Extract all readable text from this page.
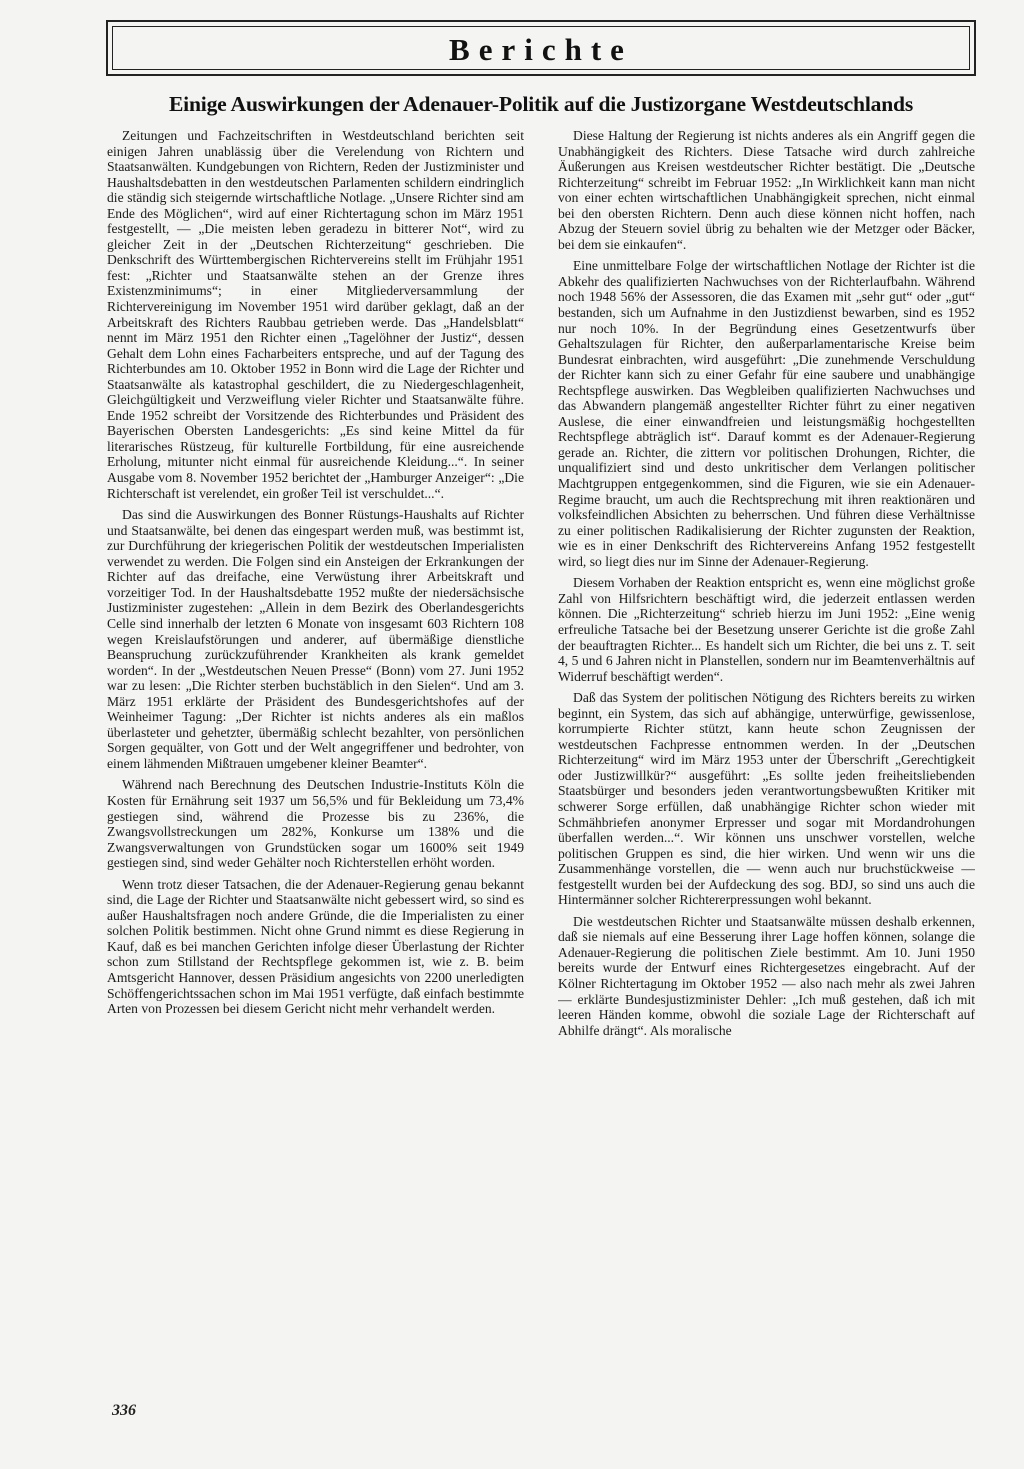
Berichte
Einige Auswirkungen der Adenauer-Politik auf die Justizorgane Westdeutschlands

Zeitungen und Fachzeitschriften in Westdeutschland berichten seit einigen Jahren unablässig über die Verelendung von Richtern und Staatsanwälten. Kundgebungen von Richtern, Reden der Justizminister und Haushaltsdebatten in den westdeutschen Parlamenten schildern eindringlich die ständig sich steigernde wirtschaftliche Notlage. „Unsere Richter sind am Ende des Möglichen“, wird auf einer Richtertagung schon im März 1951 festgestellt, — „Die meisten leben geradezu in bitterer Not“, wird zu gleicher Zeit in der „Deutschen Richterzeitung“ geschrieben. Die Denkschrift des Württembergischen Richtervereins stellt im Frühjahr 1951 fest: „Richter und Staatsanwälte stehen an der Grenze ihres Existenzminimums“; in einer Mitgliederversammlung der Richtervereinigung im November 1951 wird darüber geklagt, daß an der Arbeitskraft des Richters Raubbau getrieben werde. Das „Handelsblatt“ nennt im März 1951 den Richter einen „Tagelöhner der Justiz“, dessen Gehalt dem Lohn eines Facharbeiters entspreche, und auf der Tagung des Richterbundes am 10. Oktober 1952 in Bonn wird die Lage der Richter und Staatsanwälte als katastrophal geschildert, die zu Niedergeschlagenheit, Gleichgültigkeit und Verzweiflung vieler Richter und Staatsanwälte führe. Ende 1952 schreibt der Vorsitzende des Richterbundes und Präsident des Bayerischen Obersten Landesgerichts: „Es sind keine Mittel da für literarisches Rüstzeug, für kulturelle Fortbildung, für eine ausreichende Erholung, mitunter nicht einmal für ausreichende Kleidung...“. In seiner Ausgabe vom 8. November 1952 berichtet der „Hamburger Anzeiger“: „Die Richterschaft ist verelendet, ein großer Teil ist verschuldet...“.

Das sind die Auswirkungen des Bonner Rüstungs-Haushalts auf Richter und Staatsanwälte, bei denen das eingespart werden muß, was bestimmt ist, zur Durchführung der kriegerischen Politik der westdeutschen Imperialisten verwendet zu werden. Die Folgen sind ein Ansteigen der Erkrankungen der Richter auf das dreifache, eine Verwüstung ihrer Arbeitskraft und vorzeitiger Tod. In der Haushaltsdebatte 1952 mußte der niedersächsische Justizminister zugestehen: „Allein in dem Bezirk des Oberlandesgerichts Celle sind innerhalb der letzten 6 Monate von insgesamt 603 Richtern 108 wegen Kreislaufstörungen und anderer, auf übermäßige dienstliche Beanspruchung zurückzuführender Krankheiten als krank gemeldet worden“. In der „Westdeutschen Neuen Presse“ (Bonn) vom 27. Juni 1952 war zu lesen: „Die Richter sterben buchstäblich in den Sielen“. Und am 3. März 1951 erklärte der Präsident des Bundesgerichtshofes auf der Weinheimer Tagung: „Der Richter ist nichts anderes als ein maßlos überlasteter und gehetzter, übermäßig schlecht bezahlter, von persönlichen Sorgen gequälter, von Gott und der Welt angegriffener und bedrohter, von einem lähmenden Mißtrauen umgebener kleiner Beamter“.

Während nach Berechnung des Deutschen Industrie-Instituts Köln die Kosten für Ernährung seit 1937 um 56,5% und für Bekleidung um 73,4% gestiegen sind, während die Prozesse bis zu 236%, die Zwangsvollstreckungen um 282%, Konkurse um 138% und die Zwangsverwaltungen von Grundstücken sogar um 1600% seit 1949 gestiegen sind, sind weder Gehälter noch Richterstellen erhöht worden.

Wenn trotz dieser Tatsachen, die der Adenauer-Regierung genau bekannt sind, die Lage der Richter und Staatsanwälte nicht gebessert wird, so sind es außer Haushaltsfragen noch andere Gründe, die die Imperialisten zu einer solchen Politik bestimmen. Nicht ohne Grund nimmt es diese Regierung in Kauf, daß es bei manchen Gerichten infolge dieser Überlastung der Richter schon zum Stillstand der Rechtspflege gekommen ist, wie z. B. beim Amtsgericht Hannover, dessen Präsidium angesichts von 2200 unerledigten Schöffengerichtssachen schon im Mai 1951 verfügte, daß einfach bestimmte Arten von Prozessen bei diesem Gericht nicht mehr verhandelt werden.

Diese Haltung der Regierung ist nichts anderes als ein Angriff gegen die Unabhängigkeit des Richters. Diese Tatsache wird durch zahlreiche Äußerungen aus Kreisen westdeutscher Richter bestätigt. Die „Deutsche Richterzeitung“ schreibt im Februar 1952: „In Wirklichkeit kann man nicht von einer echten wirtschaftlichen Unabhängigkeit sprechen, nicht einmal bei den obersten Richtern. Denn auch diese können nicht hoffen, nach Abzug der Steuern soviel übrig zu behalten wie der Metzger oder Bäcker, bei dem sie einkaufen“.

Eine unmittelbare Folge der wirtschaftlichen Notlage der Richter ist die Abkehr des qualifizierten Nachwuchses von der Richterlaufbahn. Während noch 1948 56% der Assessoren, die das Examen mit „sehr gut“ oder „gut“ bestanden, sich um Aufnahme in den Justizdienst bewarben, sind es 1952 nur noch 10%. In der Begründung eines Gesetzentwurfs über Gehaltszulagen für Richter, den außerparlamentarische Kreise beim Bundesrat einbrachten, wird ausgeführt: „Die zunehmende Verschuldung der Richter kann sich zu einer Gefahr für eine saubere und unabhängige Rechtspflege auswirken. Das Wegbleiben qualifizierten Nachwuchses und das Abwandern plangemäß angestellter Richter führt zu einer negativen Auslese, die einer einwandfreien und leistungsmäßig hochgestellten Rechtspflege abträglich ist“. Darauf kommt es der Adenauer-Regierung gerade an. Richter, die zittern vor politischen Drohungen, Richter, die unqualifiziert sind und desto unkritischer dem Verlangen politischer Machtgruppen entgegenkommen, sind die Figuren, wie sie ein Adenauer-Regime braucht, um auch die Rechtsprechung mit ihren reaktionären und volksfeindlichen Absichten zu beherrschen. Und führen diese Verhältnisse zu einer politischen Radikalisierung der Richter zugunsten der Reaktion, wie es in einer Denkschrift des Richtervereins Anfang 1952 festgestellt wird, so liegt dies nur im Sinne der Adenauer-Regierung.

Diesem Vorhaben der Reaktion entspricht es, wenn eine möglichst große Zahl von Hilfsrichtern beschäftigt wird, die jederzeit entlassen werden können. Die „Richterzeitung“ schrieb hierzu im Juni 1952: „Eine wenig erfreuliche Tatsache bei der Besetzung unserer Gerichte ist die große Zahl der beauftragten Richter... Es handelt sich um Richter, die bei uns z. T. seit 4, 5 und 6 Jahren nicht in Planstellen, sondern nur im Beamtenverhältnis auf Widerruf beschäftigt werden“.

Daß das System der politischen Nötigung des Richters bereits zu wirken beginnt, ein System, das sich auf abhängige, unterwürfige, gewissenlose, korrumpierte Richter stützt, kann heute schon Zeugnissen der westdeutschen Fachpresse entnommen werden. In der „Deutschen Richterzeitung“ wird im März 1953 unter der Überschrift „Gerechtigkeit oder Justizwillkür?“ ausgeführt: „Es sollte jeden freiheitsliebenden Staatsbürger und besonders jeden verantwortungsbewußten Kritiker mit schwerer Sorge erfüllen, daß unabhängige Richter schon wieder mit Schmähbriefen anonymer Erpresser und sogar mit Mordandrohungen überfallen werden...“. Wir können uns unschwer vorstellen, welche politischen Gruppen es sind, die hier wirken. Und wenn wir uns die Zusammenhänge vorstellen, die — wenn auch nur bruchstückweise — festgestellt wurden bei der Aufdeckung des sog. BDJ, so sind uns auch die Hintermänner solcher Richtererpressungen wohl bekannt.

Die westdeutschen Richter und Staatsanwälte müssen deshalb erkennen, daß sie niemals auf eine Besserung ihrer Lage hoffen können, solange die Adenauer-Regierung die politischen Ziele bestimmt. Am 10. Juni 1950 bereits wurde der Entwurf eines Richtergesetzes eingebracht. Auf der Kölner Richtertagung im Oktober 1952 — also nach mehr als zwei Jahren — erklärte Bundesjustizminister Dehler: „Ich muß gestehen, daß ich mit leeren Händen komme, obwohl die soziale Lage der Richterschaft auf Abhilfe drängt“. Als moralische

336
